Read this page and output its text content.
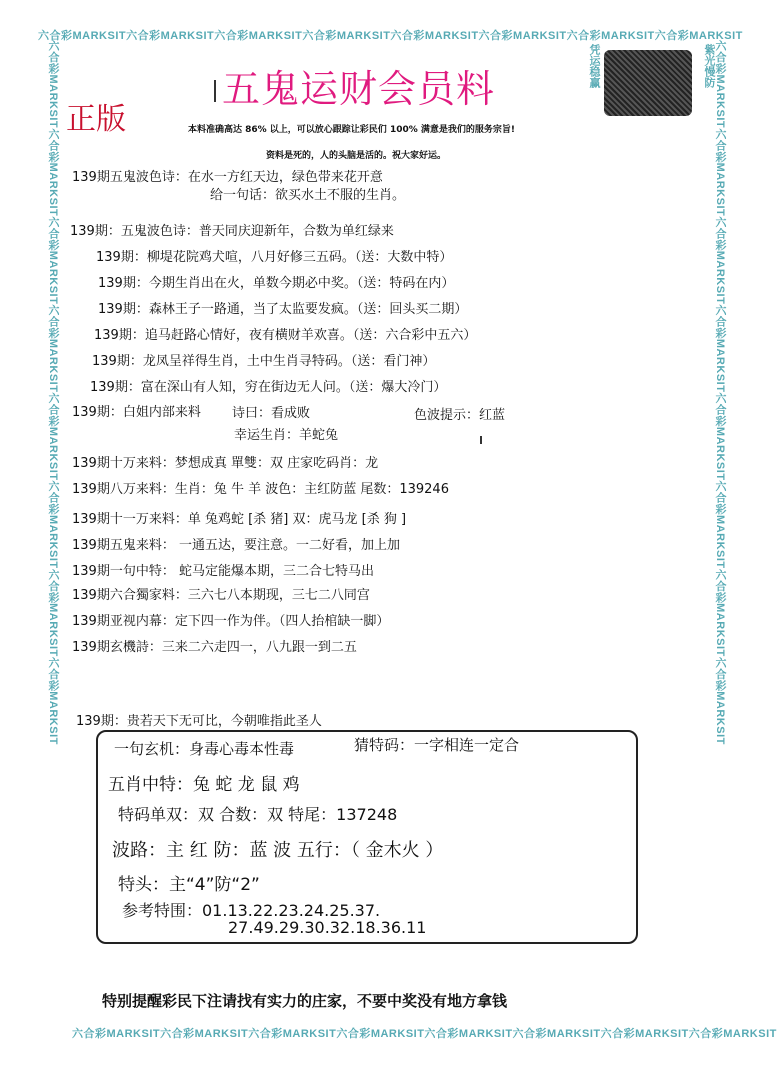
六合彩MARKSIT六合彩MARKSIT六合彩MARKSIT六合彩MARKSIT六合彩MARKSIT六合彩MARKSIT六合彩MARKSIT六合彩MARKSIT
六合彩MARKSIT六合彩MARKSIT六合彩MARKSIT六合彩MARKSIT六合彩MARKSIT六合彩MARKSIT六合彩MARKSIT六合彩MARKSIT
六合彩MARKSIT六合彩MARKSIT六合彩MARKSIT六合彩MARKSIT六合彩MARKSIT六合彩MARKSIT六合彩MARKSIT六合彩MARKSIT	六合彩MARKSIT六合彩MARKSIT六合彩MARKSIT六合彩MARKSIT六合彩MARKSIT六合彩MARKSIT六合彩MARKSIT六合彩MARKSIT
五鬼运财会员料
正版
凭运稳赢	紫光慢防
本料准确高达 86% 以上，可以放心跟踪让彩民们 100% 满意是我们的服务宗旨!
资料是死的，人的头脑是活的。祝大家好运。
139期五鬼波色诗：在水一方红天边，绿色带来花开意
给一句话：欲买水土不服的生肖。
139期：五鬼波色诗：普天同庆迎新年，合数为单红绿来
139期：柳堤花院鸡犬喧，八月好修三五码。（送：大数中特）
139期：今期生肖出在火，单数今期必中奖。（送：特码在内）
139期：森林王子一路通，当了太监要发疯。（送：回头买二期）
139期：追马赶路心情好，夜有横财羊欢喜。（送：六合彩中五六）
139期：龙凤呈祥得生肖，土中生肖寻特码。（送：看门神）
139期：富在深山有人知，穷在街边无人问。（送：爆大冷门）
139期：白姐内部来料 诗曰：看成败	色波提示：红蓝
幸运生肖：羊蛇兔
139期十万来料：梦想成真 單雙：双 庄家吃码肖：龙
139期八万来料：生肖：兔 牛 羊 波色：主红防蓝 尾数：139246
139期十一万来料：单 兔鸡蛇 [杀 猪] 双：虎马龙 [杀 狗 ]
139期五鬼来料： 一通五达，要注意。一二好看，加上加
139期一句中特： 蛇马定能爆本期，三二合七特马出
139期六合獨家料：三六七八本期现，三七二八同宫
139期亚视内幕：定下四一作为伴。（四人抬棺缺一脚）
139期玄機詩：三来二六走四一，八九跟一到二五
139期：贵若天下无可比，今朝唯指此圣人
一句玄机：身毒心毒本性毒	猜特码：一字相连一定合
五肖中特：兔 蛇 龙 鼠 鸡
特码单双：双 合数：双 特尾：137248
波路：主 红 防：蓝 波 五行：（ 金木火 ）
特头：主“4”防“2”
参考特围：01.13.22.23.24.25.37.
27.49.29.30.32.18.36.11
特别提醒彩民下注请找有实力的庄家，不要中奖没有地方拿钱
